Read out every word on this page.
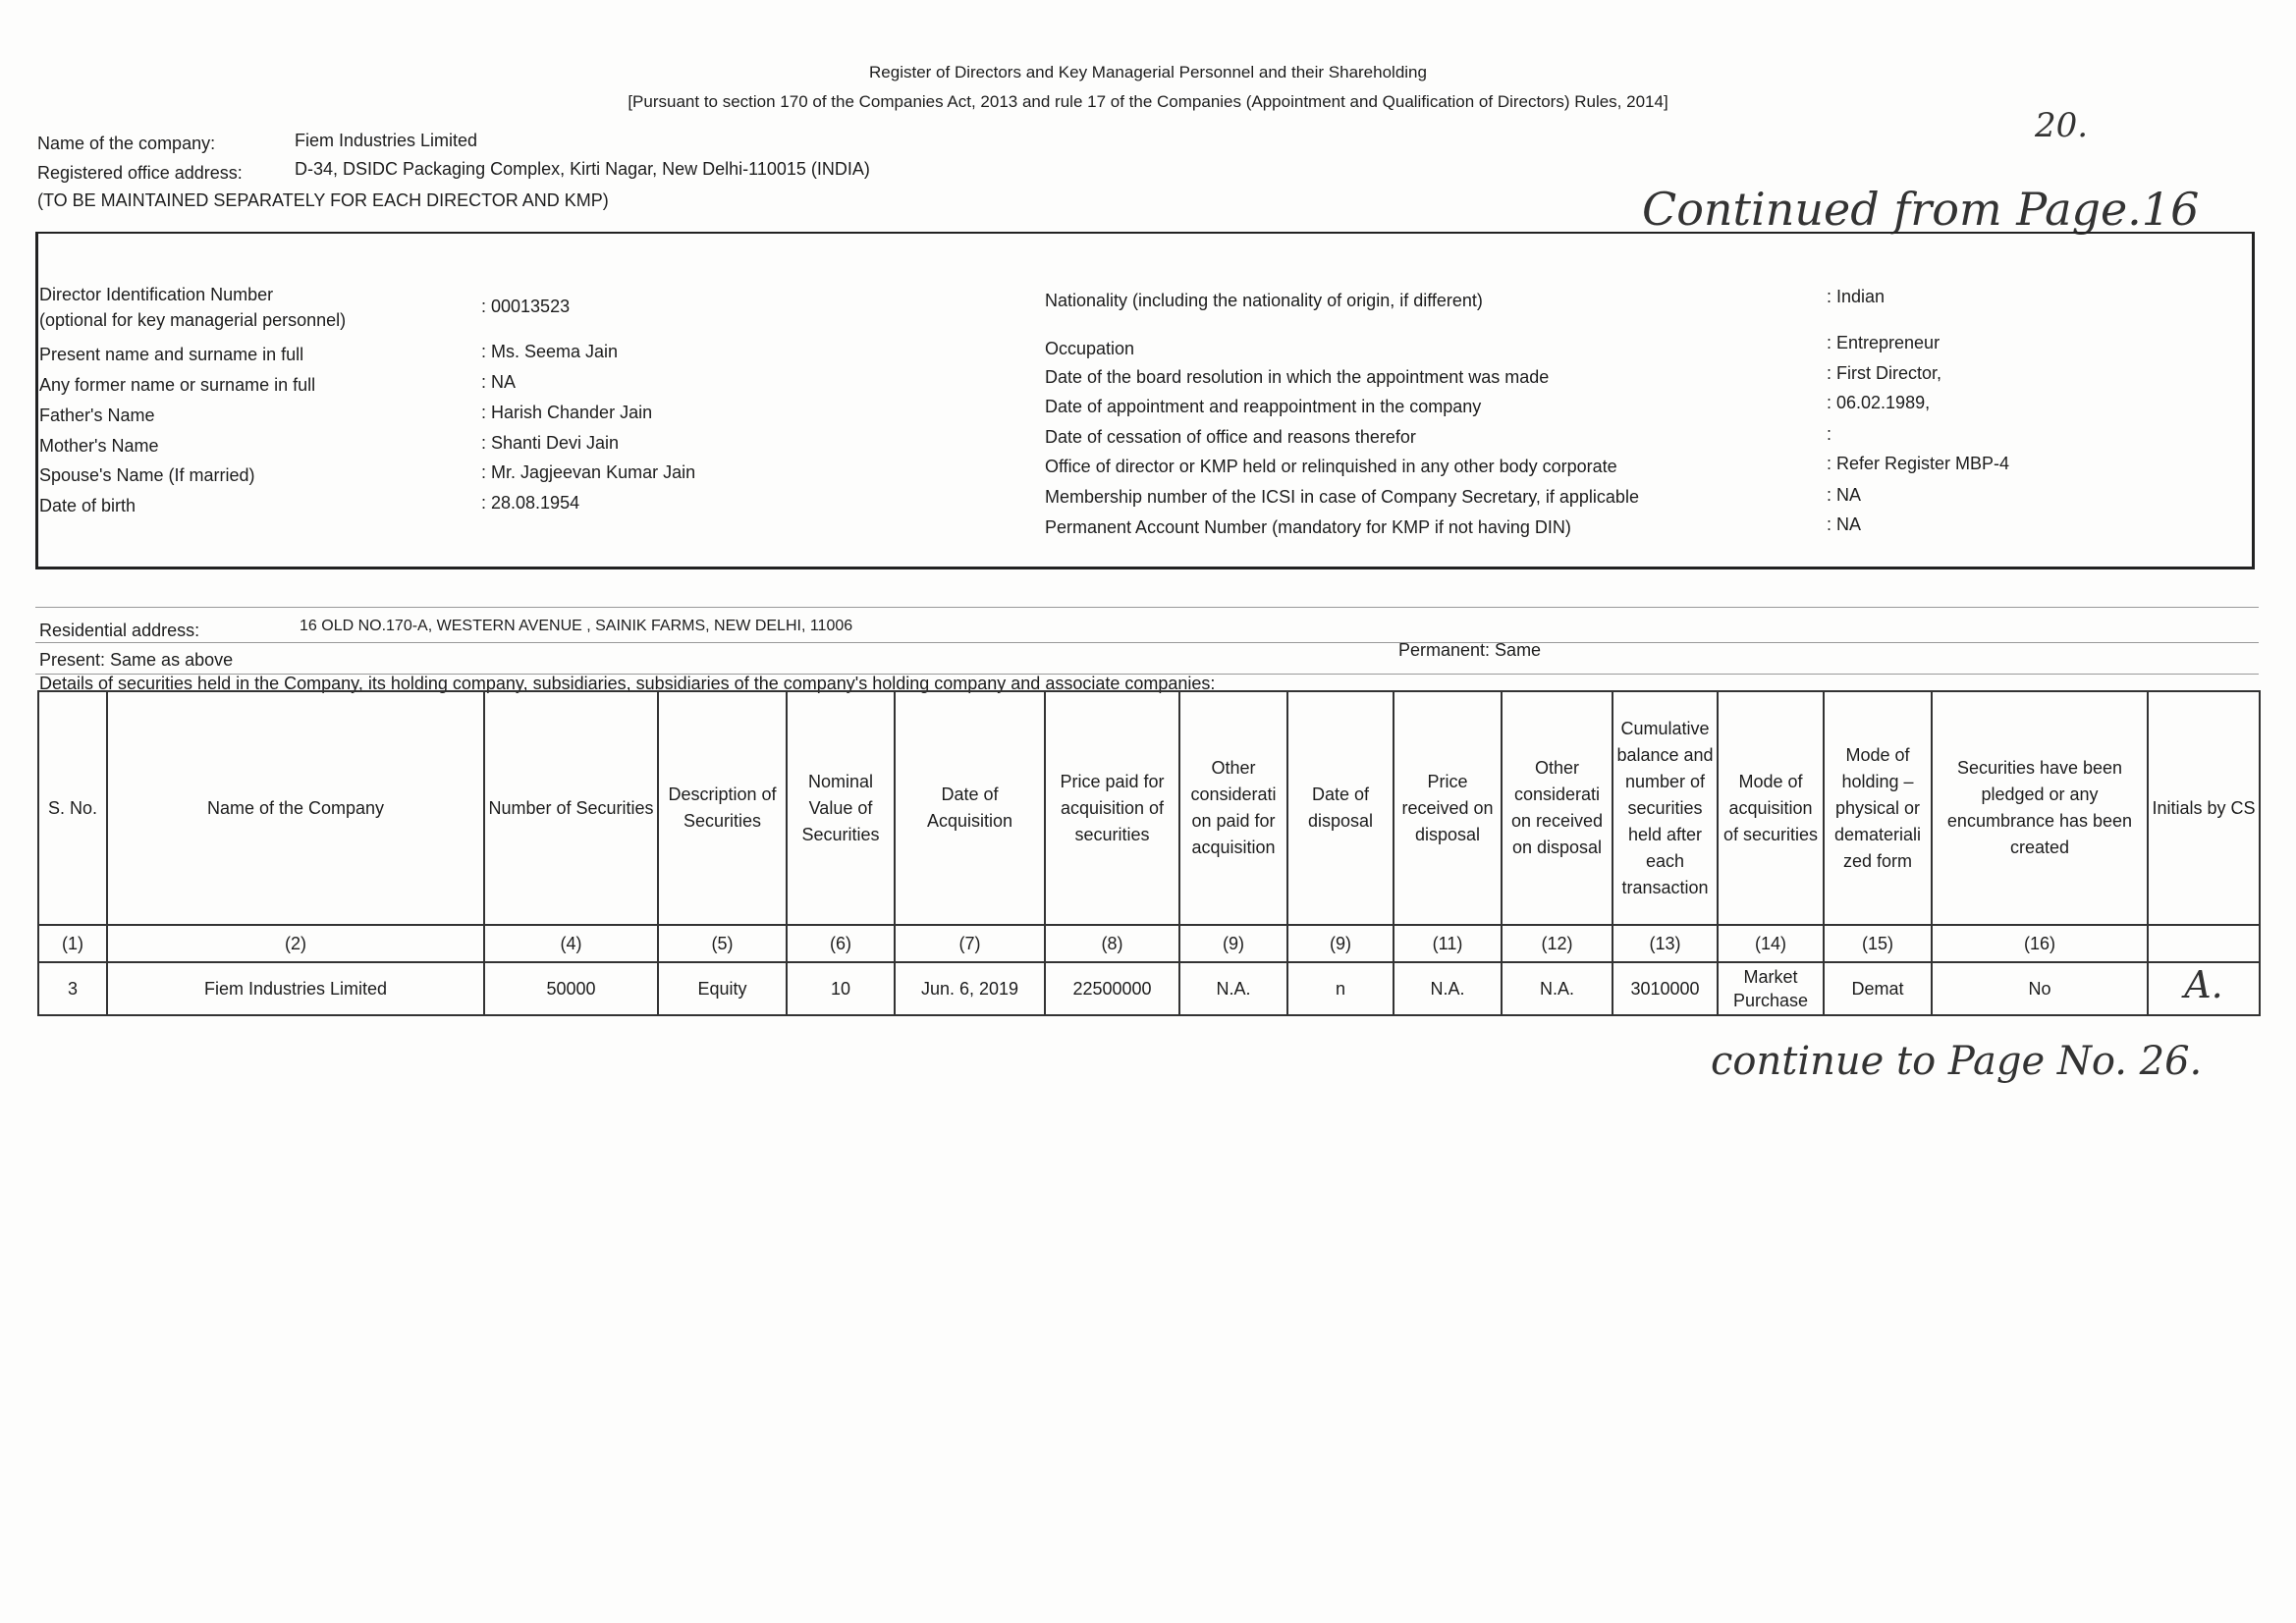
Register of Directors and Key Managerial Personnel and their Shareholding
[Pursuant to section 170 of the Companies Act, 2013 and rule 17 of the Companies (Appointment and Qualification of Directors) Rules, 2014]
20.
Name of the company:	Fiem Industries Limited
Registered office address:	D-34, DSIDC Packaging Complex, Kirti Nagar, New Delhi-110015 (INDIA)
(TO BE MAINTAINED SEPARATELY FOR EACH DIRECTOR AND KMP)	Continued from Page.16
Director Identification Number
(optional for key managerial personnel)
: 00013523
Present name and surname in full	: Ms. Seema Jain
Any former name or surname in full	: NA
Father's Name	: Harish Chander Jain
Mother's Name	: Shanti Devi Jain
Spouse's Name (If married)	: Mr. Jagjeevan Kumar Jain
Date of birth	: 28.08.1954
Nationality (including the nationality of origin, if different)	: Indian
Occupation	: Entrepreneur
Date of the board resolution in which the appointment was made	: First Director,
Date of appointment and reappointment in the company	: 06.02.1989,
Date of cessation of office and reasons therefor	:
Office of director or KMP held or relinquished in any other body corporate	: Refer Register MBP-4
Membership number of the ICSI in case of Company Secretary, if applicable	: NA
Permanent Account Number (mandatory for KMP if not having DIN)	: NA
Residential address:	16 OLD NO.170-A, WESTERN AVENUE , SAINIK FARMS, NEW DELHI, 11006
Present: Same as above	Permanent: Same
Details of securities held in the Company, its holding company, subsidiaries, subsidiaries of the company's holding company and associate companies:
S. No.	Name of the Company	Number of Securities	Description of Securities	Nominal Value of Securities	Date of Acquisition	Price paid for acquisition of securities	Other considerati on paid for acquisition	Date of disposal	Price received on disposal	Other considerati on received on disposal	Cumulative balance and number of securities held after each transaction	Mode of acquisition of securities	Mode of holding – physical or demateriali zed form	Securities have been pledged or any encumbrance has been created	Initials by CS
(1)	(2)	(4)	(5)	(6)	(7)	(8)	(9)	(9)	(11)	(12)	(13)	(14)	(15)	(16)	
3	Fiem Industries Limited	50000	Equity	10	Jun. 6, 2019	22500000	N.A.	n	N.A.	N.A.	3010000	Market Purchase	Demat	No	A.
continue to Page No. 26.
